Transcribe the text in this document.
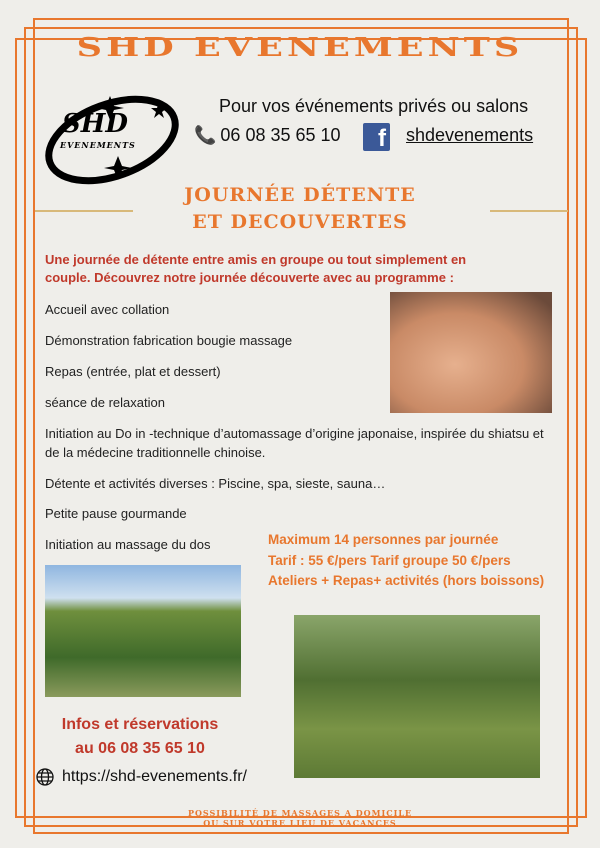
SHD EVENEMENTS
SHD
EVENEMENTS
Pour vos événements privés ou salons
📞 06 08 35 65 10	f shdevenements
JOURNÉE DÉTENTE
ET DECOUVERTES
Une journée de détente entre amis en groupe ou tout simplement en couple. Découvrez notre journée découverte avec au programme :
Accueil avec collation
Démonstration fabrication bougie massage
Repas (entrée, plat et dessert)
séance de relaxation
Initiation au Do in -technique d’automassage d’origine japonaise, inspirée du shiatsu et de la médecine traditionnelle chinoise.
Détente et activités diverses : Piscine, spa, sieste, sauna…
Petite pause gourmande
Initiation au massage du dos	Maximum 14 personnes par journée
Tarif : 55 €/pers Tarif groupe 50 €/pers
Ateliers + Repas+ activités (hors boissons)
Infos et réservations
au 06 08 35 65 10
https://shd-evenements.fr/
POSSIBILITÉ DE MASSAGES A DOMICILE
OU SUR VOTRE LIEU DE VACANCES
